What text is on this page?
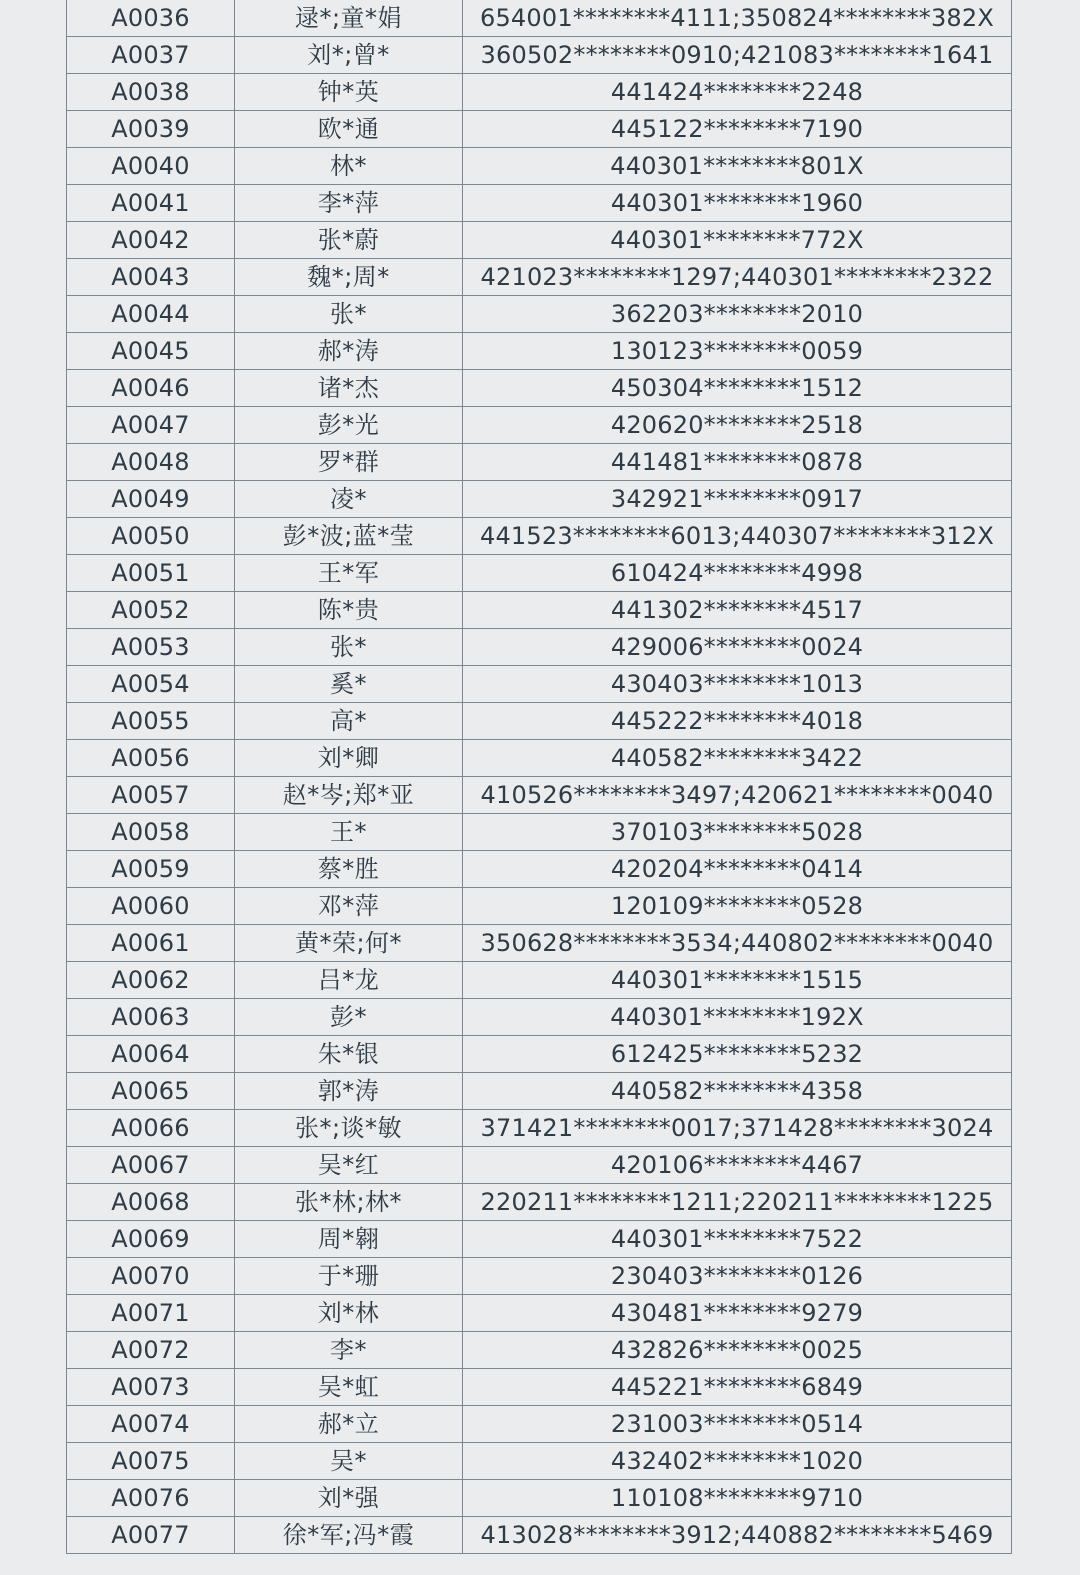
A0036	逯*;童*娟	654001********4111;350824********382X
A0037	刘*;曾*	360502********0910;421083********1641
A0038	钟*英	441424********2248
A0039	欧*通	445122********7190
A0040	林*	440301********801X
A0041	李*萍	440301********1960
A0042	张*蔚	440301********772X
A0043	魏*;周*	421023********1297;440301********2322
A0044	张*	362203********2010
A0045	郝*涛	130123********0059
A0046	诸*杰	450304********1512
A0047	彭*光	420620********2518
A0048	罗*群	441481********0878
A0049	凌*	342921********0917
A0050	彭*波;蓝*莹	441523********6013;440307********312X
A0051	王*军	610424********4998
A0052	陈*贵	441302********4517
A0053	张*	429006********0024
A0054	奚*	430403********1013
A0055	高*	445222********4018
A0056	刘*卿	440582********3422
A0057	赵*岑;郑*亚	410526********3497;420621********0040
A0058	王*	370103********5028
A0059	蔡*胜	420204********0414
A0060	邓*萍	120109********0528
A0061	黄*荣;何*	350628********3534;440802********0040
A0062	吕*龙	440301********1515
A0063	彭*	440301********192X
A0064	朱*银	612425********5232
A0065	郭*涛	440582********4358
A0066	张*;谈*敏	371421********0017;371428********3024
A0067	吴*红	420106********4467
A0068	张*林;林*	220211********1211;220211********1225
A0069	周*翱	440301********7522
A0070	于*珊	230403********0126
A0071	刘*林	430481********9279
A0072	李*	432826********0025
A0073	吴*虹	445221********6849
A0074	郝*立	231003********0514
A0075	吴*	432402********1020
A0076	刘*强	110108********9710
A0077	徐*军;冯*霞	413028********3912;440882********5469
